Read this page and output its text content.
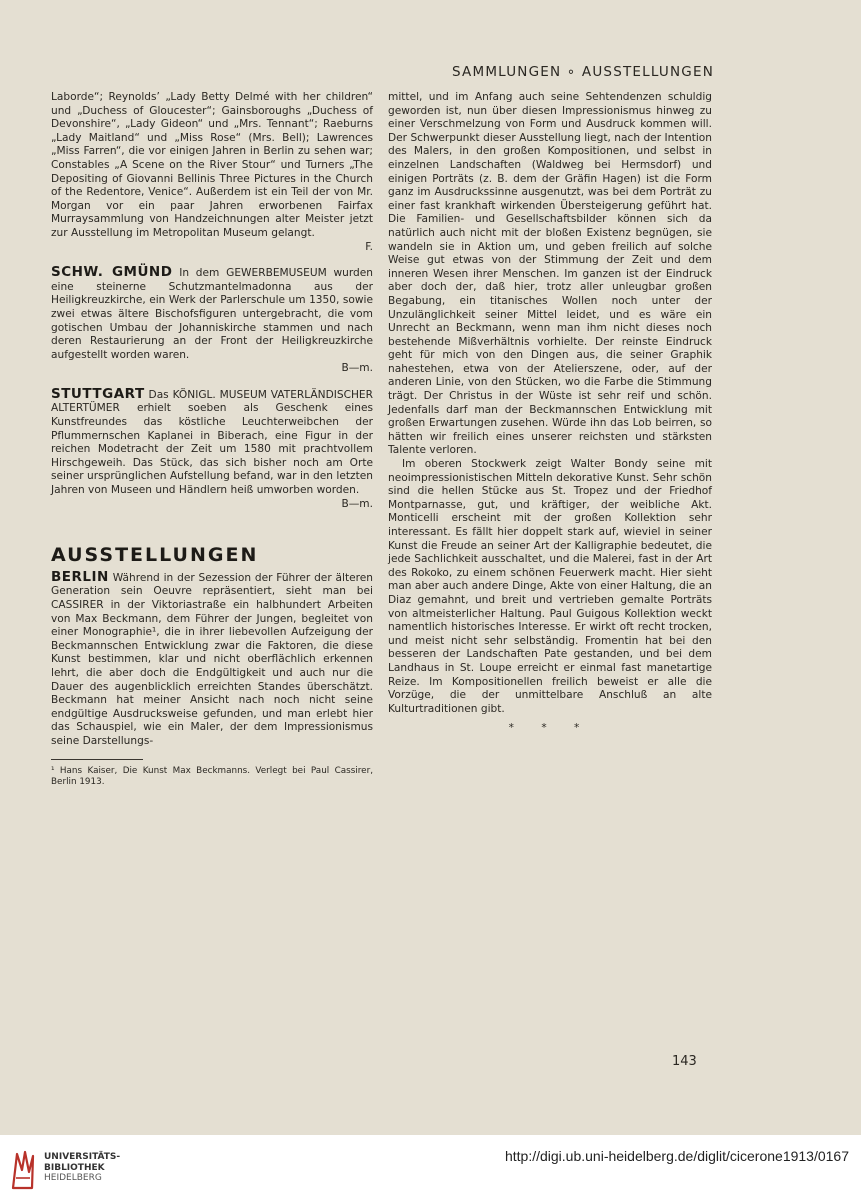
SAMMLUNGEN ∘ AUSSTELLUNGEN

Laborde“; Reynolds’ „Lady Betty Delmé with her children“ und „Duchess of Gloucester“; Gainsboroughs „Duchess of Devonshire“, „Lady Gideon“ und „Mrs. Tennant“; Raeburns „Lady Maitland“ und „Miss Rose“ (Mrs. Bell); Lawrences „Miss Farren“, die vor einigen Jahren in Berlin zu sehen war; Constables „A Scene on the River Stour“ und Turners „The Depositing of Giovanni Bellinis Three Pictures in the Church of the Redentore, Venice“. Außerdem ist ein Teil der von Mr. Morgan vor ein paar Jahren erworbenen Fairfax Murraysammlung von Handzeichnungen alter Meister jetzt zur Ausstellung im Metropolitan Museum gelangt.

F.

SCHW. GMÜND In dem GEWERBEMUSEUM wurden eine steinerne Schutzmantelmadonna aus der Heiligkreuzkirche, ein Werk der Parlerschule um 1350, sowie zwei etwas ältere Bischofsfiguren untergebracht, die vom gotischen Umbau der Johanniskirche stammen und nach deren Restaurierung an der Front der Heiligkreuzkirche aufgestellt worden waren.

B—m.

STUTTGART Das KÖNIGL. MUSEUM VATERLÄNDISCHER ALTERTÜMER erhielt soeben als Geschenk eines Kunstfreundes das köstliche Leuchterweibchen der Pflummernschen Kaplanei in Biberach, eine Figur in der reichen Modetracht der Zeit um 1580 mit prachtvollem Hirschgeweih. Das Stück, das sich bisher noch am Orte seiner ursprünglichen Aufstellung befand, war in den letzten Jahren von Museen und Händlern heiß umworben worden.

B—m.

AUSSTELLUNGEN

BERLIN Während in der Sezession der Führer der älteren Generation sein Oeuvre repräsentiert, sieht man bei CASSIRER in der Viktoriastraße ein halbhundert Arbeiten von Max Beckmann, dem Führer der Jungen, begleitet von einer Monographie¹, die in ihrer liebevollen Aufzeigung der Beckmannschen Entwicklung zwar die Faktoren, die diese Kunst bestimmen, klar und nicht oberflächlich erkennen lehrt, die aber doch die Endgültigkeit und auch nur die Dauer des augenblicklich erreichten Standes überschätzt. Beckmann hat meiner Ansicht nach noch nicht seine endgültige Ausdrucksweise gefunden, und man erlebt hier das Schauspiel, wie ein Maler, der dem Impressionismus seine Darstellungs-

¹ Hans Kaiser, Die Kunst Max Beckmanns. Verlegt bei Paul Cassirer, Berlin 1913.

mittel, und im Anfang auch seine Sehtendenzen schuldig geworden ist, nun über diesen Impressionismus hinweg zu einer Verschmelzung von Form und Ausdruck kommen will. Der Schwerpunkt dieser Ausstellung liegt, nach der Intention des Malers, in den großen Kompositionen, und selbst in einzelnen Landschaften (Waldweg bei Hermsdorf) und einigen Porträts (z. B. dem der Gräfin Hagen) ist die Form ganz im Ausdruckssinne ausgenutzt, was bei dem Porträt zu einer fast krankhaft wirkenden Übersteigerung geführt hat. Die Familien- und Gesellschaftsbilder können sich da natürlich auch nicht mit der bloßen Existenz begnügen, sie wandeln sie in Aktion um, und geben freilich auf solche Weise gut etwas von der Stimmung der Zeit und dem inneren Wesen ihrer Menschen. Im ganzen ist der Eindruck aber doch der, daß hier, trotz aller unleugbar großen Begabung, ein titanisches Wollen noch unter der Unzulänglichkeit seiner Mittel leidet, und es wäre ein Unrecht an Beckmann, wenn man ihm nicht dieses noch bestehende Mißverhältnis vorhielte. Der reinste Eindruck geht für mich von den Dingen aus, die seiner Graphik nahestehen, etwa von der Atelierszene, oder, auf der anderen Linie, von den Stücken, wo die Farbe die Stimmung trägt. Der Christus in der Wüste ist sehr reif und schön. Jedenfalls darf man der Beckmannschen Entwicklung mit großen Erwartungen zusehen. Würde ihn das Lob beirren, so hätten wir freilich eines unserer reichsten und stärksten Talente verloren.

Im oberen Stockwerk zeigt Walter Bondy seine mit neoimpressionistischen Mitteln dekorative Kunst. Sehr schön sind die hellen Stücke aus St. Tropez und der Friedhof Montparnasse, gut, und kräftiger, der weibliche Akt. Monticelli erscheint mit der großen Kollektion sehr interessant. Es fällt hier doppelt stark auf, wieviel in seiner Kunst die Freude an seiner Art der Kalligraphie bedeutet, die jede Sachlichkeit ausschaltet, und die Malerei, fast in der Art des Rokoko, zu einem schönen Feuerwerk macht. Hier sieht man aber auch andere Dinge, Akte von einer Haltung, die an Diaz gemahnt, und breit und vertrieben gemalte Porträts von altmeisterlicher Haltung. Paul Guigous Kollektion weckt namentlich historisches Interesse. Er wirkt oft recht trocken, und meist nicht sehr selbständig. Fromentin hat bei den besseren der Landschaften Pate gestanden, und bei dem Landhaus in St. Loupe erreicht er einmal fast manetartige Reize. Im Kompositionellen freilich beweist er alle die Vorzüge, die der unmittelbare Anschluß an alte Kulturtraditionen gibt.

* * *

143
UNIVERSITÄTS-
BIBLIOTHEK
HEIDELBERG
http://digi.ub.uni-heidelberg.de/diglit/cicerone1913/0167
